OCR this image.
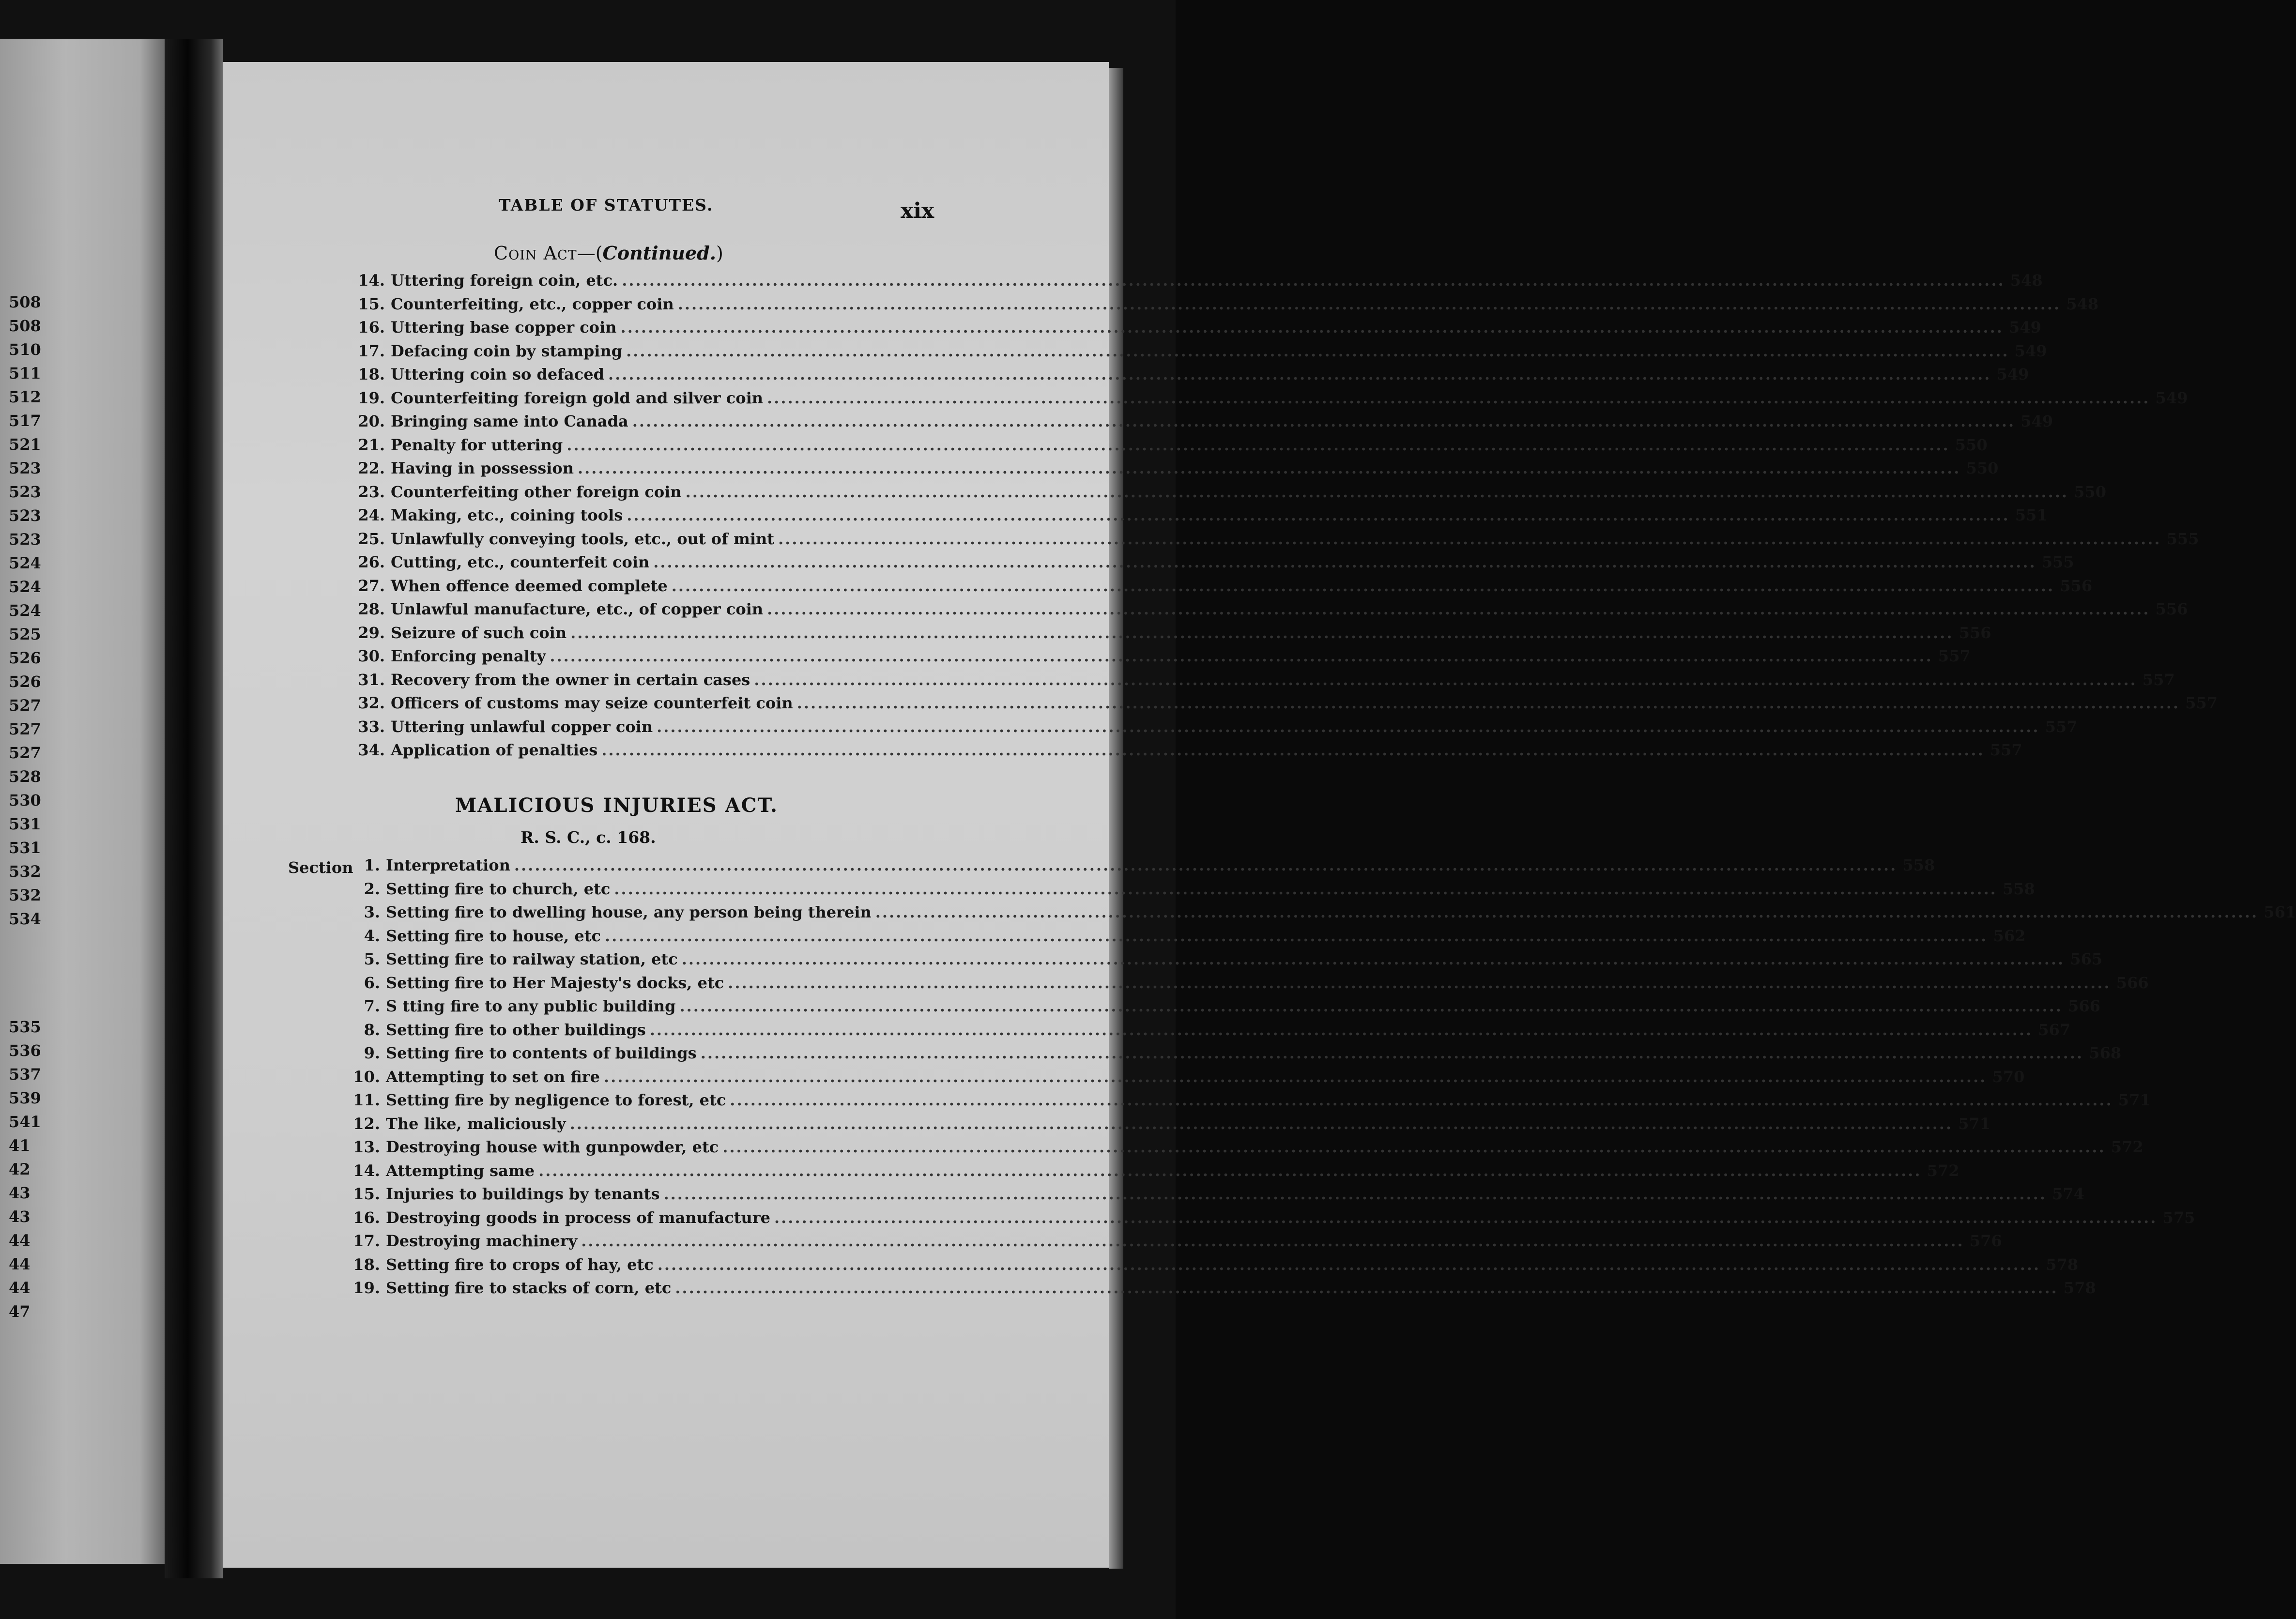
508
508
510
511
512
517
521
523
523
523
523
524
524
524
525
526
526
527
527
527
528
530
531
531
532
532
534
535
536
537
539
541
41
42
43
43
44
44
44
47
TABLE OF STATUTES.	xix
Coin Act—(Continued.)
14. Uttering foreign coin, etc. .....	548
15. Counterfeiting, etc., copper coin .....	548
16. Uttering base copper coin .....	549
17. Defacing coin by stamping .....	549
18. Uttering coin so defaced .....	549
19. Counterfeiting foreign gold and silver coin .....	549
20. Bringing same into Canada .....	549
21. Penalty for uttering .....	550
22. Having in possession .....	550
23. Counterfeiting other foreign coin .....	550
24. Making, etc., coining tools .....	551
25. Unlawfully conveying tools, etc., out of mint .....	555
26. Cutting, etc., counterfeit coin .....	555
27. When offence deemed complete .....	556
28. Unlawful manufacture, etc., of copper coin .....	556
29. Seizure of such coin .....	556
30. Enforcing penalty .....	557
31. Recovery from the owner in certain cases .....	557
32. Officers of customs may seize counterfeit coin .....	557
33. Uttering unlawful copper coin .....	557
34. Application of penalties .....	557
MALICIOUS INJURIES ACT.
R. S. C., c. 168.
Section 1. Interpretation .....	558
2. Setting fire to church, etc .....	558
3. Setting fire to dwelling house, any person being therein .....	561
4. Setting fire to house, etc .....	562
5. Setting fire to railway station, etc .....	565
6. Setting fire to Her Majesty's docks, etc .....	566
7. S tting fire to any public building .....	566
8. Setting fire to other buildings .....	567
9. Setting fire to contents of buildings .....	568
10. Attempting to set on fire .....	570
11. Setting fire by negligence to forest, etc .....	571
12. The like, maliciously .....	571
13. Destroying house with gunpowder, etc .....	572
14. Attempting same .....	572
15. Injuries to buildings by tenants .....	574
16. Destroying goods in process of manufacture .....	575
17. Destroying machinery .....	576
18. Setting fire to crops of hay, etc .....	578
19. Setting fire to stacks of corn, etc .....	578
